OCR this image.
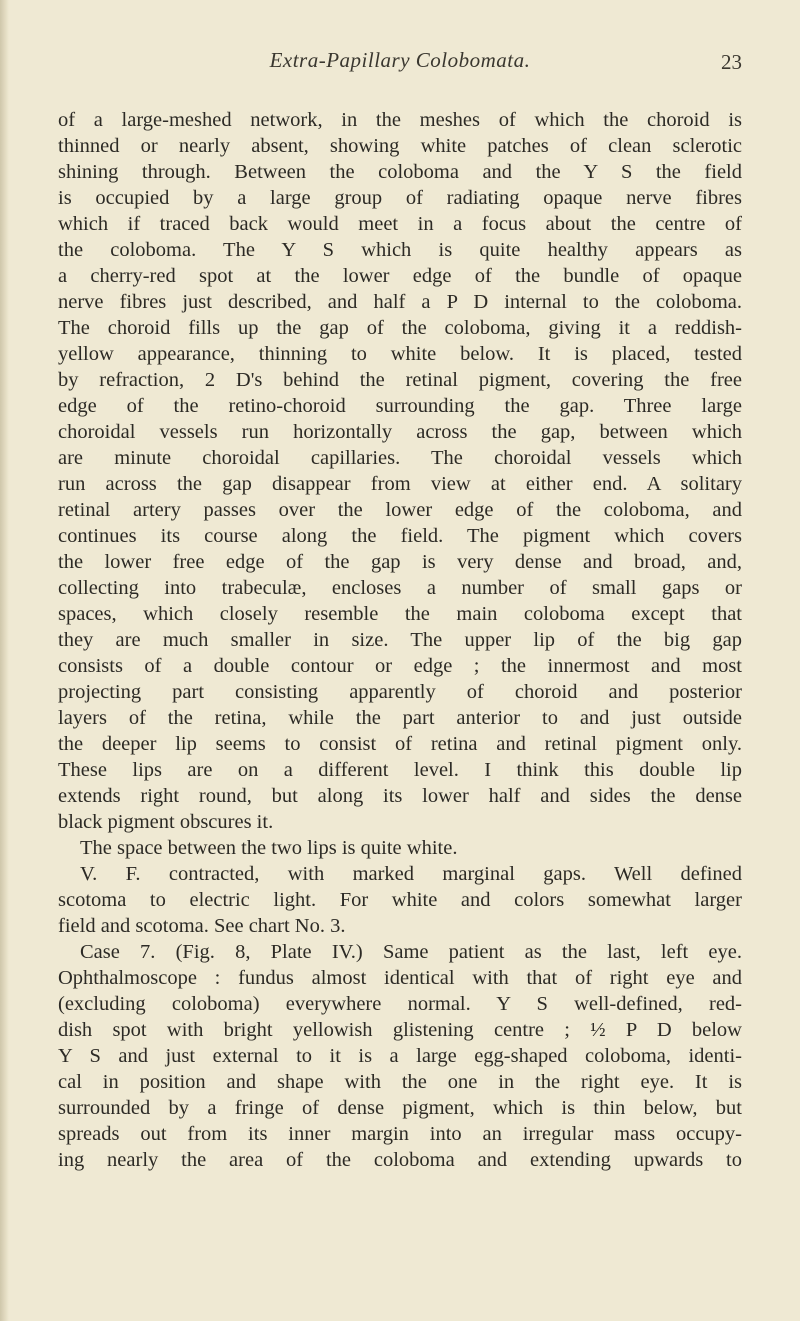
Extra-Papillary Colobomata.	23
of a large-meshed network, in the meshes of which the choroid is
thinned or nearly absent, showing white patches of clean sclerotic
shining through. Between the coloboma and the Y S the field
is occupied by a large group of radiating opaque nerve fibres
which if traced back would meet in a focus about the centre of
the coloboma. The Y S which is quite healthy appears as
a cherry-red spot at the lower edge of the bundle of opaque
nerve fibres just described, and half a P D internal to the coloboma.
The choroid fills up the gap of the coloboma, giving it a reddish-
yellow appearance, thinning to white below. It is placed, tested
by refraction, 2 D's behind the retinal pigment, covering the free
edge of the retino-choroid surrounding the gap. Three large
choroidal vessels run horizontally across the gap, between which
are minute choroidal capillaries. The choroidal vessels which
run across the gap disappear from view at either end. A solitary
retinal artery passes over the lower edge of the coloboma, and
continues its course along the field. The pigment which covers
the lower free edge of the gap is very dense and broad, and,
collecting into trabeculæ, encloses a number of small gaps or
spaces, which closely resemble the main coloboma except that
they are much smaller in size. The upper lip of the big gap
consists of a double contour or edge ; the innermost and most
projecting part consisting apparently of choroid and posterior
layers of the retina, while the part anterior to and just outside
the deeper lip seems to consist of retina and retinal pigment only.
These lips are on a different level. I think this double lip
extends right round, but along its lower half and sides the dense
black pigment obscures it.
The space between the two lips is quite white.
V. F. contracted, with marked marginal gaps. Well defined
scotoma to electric light. For white and colors somewhat larger
field and scotoma. See chart No. 3.
Case 7. (Fig. 8, Plate IV.) Same patient as the last, left eye.
Ophthalmoscope : fundus almost identical with that of right eye and
(excluding coloboma) everywhere normal. Y S well-defined, red-
dish spot with bright yellowish glistening centre ; ½ P D below
Y S and just external to it is a large egg-shaped coloboma, identi-
cal in position and shape with the one in the right eye. It is
surrounded by a fringe of dense pigment, which is thin below, but
spreads out from its inner margin into an irregular mass occupy-
ing nearly the area of the coloboma and extending upwards to
